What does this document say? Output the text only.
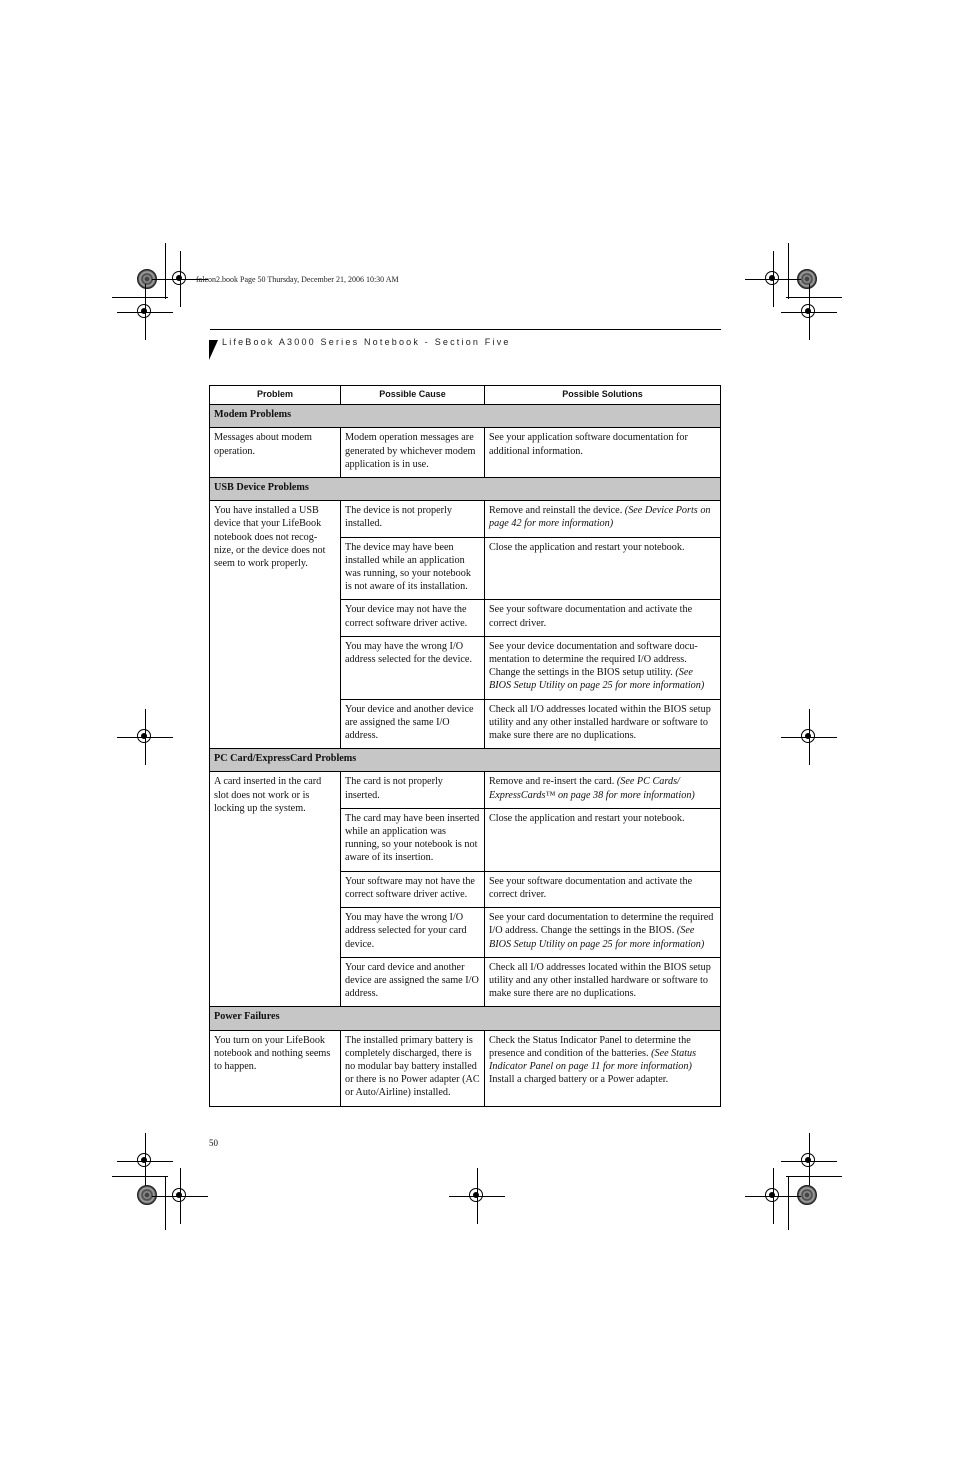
falcon2.book Page 50 Thursday, December 21, 2006 10:30 AM
LifeBook A3000 Series Notebook - Section Five
Problem	Possible Cause	Possible Solutions
Modem Problems		
Messages about modem operation.	Modem operation messages are generated by whichever modem application is in use.	See your application software documentation for additional information.
USB Device Problems		
You have installed a USB device that your LifeBook notebook does not recog-nize, or the device does not seem to work properly.	The device is not properly installed.	Remove and reinstall the device. (See Device Ports on page 42 for more information)
	The device may have been installed while an application was running, so your notebook is not aware of its installation.	Close the application and restart your notebook.
	Your device may not have the correct software driver active.	See your software documentation and activate the correct driver.
	You may have the wrong I/O address selected for the device.	See your device documentation and software docu-mentation to determine the required I/O address. Change the settings in the BIOS setup utility. (See BIOS Setup Utility on page 25 for more information)
	Your device and another device are assigned the same I/O address.	Check all I/O addresses located within the BIOS setup utility and any other installed hardware or software to make sure there are no duplications.
PC Card/ExpressCard Problems		
A card inserted in the card slot does not work or is locking up the system.	The card is not properly inserted.	Remove and re-insert the card. (See PC Cards/ ExpressCards™ on page 38 for more information)
	The card may have been inserted while an application was running, so your notebook is not aware of its insertion.	Close the application and restart your notebook.
	Your software may not have the correct software driver active.	See your software documentation and activate the correct driver.
	You may have the wrong I/O address selected for your card device.	See your card documentation to determine the required I/O address. Change the settings in the BIOS. (See BIOS Setup Utility on page 25 for more information)
	Your card device and another device are assigned the same I/O address.	Check all I/O addresses located within the BIOS setup utility and any other installed hardware or software to make sure there are no duplications.
Power Failures		
You turn on your LifeBook notebook and nothing seems to happen.	The installed primary battery is completely discharged, there is no modular bay battery installed or there is no Power adapter (AC or Auto/Airline) installed.	Check the Status Indicator Panel to determine the presence and condition of the batteries. (See Status Indicator Panel on page 11 for more information) Install a charged battery or a Power adapter.
50
